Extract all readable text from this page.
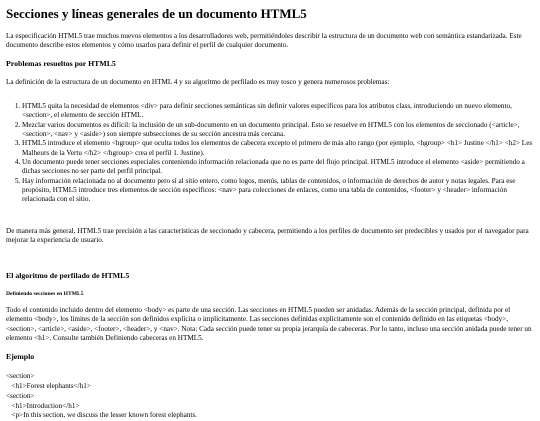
Secciones y líneas generales de un documento HTML5

La especificación HTML5 trae muchos nuevos elementos a los desarrolladores web, permitiéndoles describir la estructura de un documento web con semántica estandarizada. Este documento describe estos elementos y cómo usarlos para definir el perfil de cualquier documento.

Problemas resueltos por HTML5

La definición de la estructura de un documento en HTML 4 y su algoritmo de perfilado es muy tosco y genera numerosos problemas:

1. HTML5 quita la necesidad de elementos <div> para definir secciones semánticas sin definir valores específicos para los atributos class, introduciendo un nuevo elemento, <section>, el elemento de sección HTML.
2. Mezclar varios documentos es difícil: la inclusión de un sub-documento en un documento principal. Esto se resuelve en HTML5 con los elementos de seccionado (<article>, <section>, <nav> y <aside>) son siempre subsecciones de su sección ancestra más cercana.
3. HTML5 introduce el elemento <hgroup> que oculta todos los elementos de cabecera excepto el primero de más alto rango (por ejemplo, <hgroup> <h1> Justine </h1> <h2> Les Malheurs de la Vertu </h2> </hgroup> crea el perfil 1. Justine).
4. Un documento puede tener secciones especiales conteniendo información relacionada que no es parte del flujo principal. HTML5 introduce el elemento <aside> permitiendo a dichas secciones no ser parte del perfil principal.
5. Hay información relacionada no al documento pero sí al sitio entero, como logos, menús, tablas de contenidos, o información de derechos de autor y notas legales. Para ese propósito, HTML5 introduce tres elementos de sección específicos: <nav> para colecciones de enlaces, como una tabla de contenidos, <footer> y <header> información relacionada con el sitio.

De manera más general, HTML5 trae precisión a las características de seccionado y cabecera, permitiendo a los perfiles de documento ser predecibles y usados por el navegador para mejorar la experiencia de usuario.

El algoritmo de perfilado de HTML5
Definiendo secciones en HTML5

Todo el contenido incluido dentro del elemento <body> es parte de una sección. Las secciones en HTML5 pueden ser anidadas. Además de la sección principal, definida por el elemento <body>, los límites de la sección son definidos explícita o implícitamente. Las secciones definidas explícitamente son el contenido definido en las etiquetas <body>, <section>, <article>, <aside>, <footer>, <header>, y <nav>. Nota: Cada sección puede tener su propia jerarquía de cabeceras. Por lo tanto, incluso una sección anidada puede tener un elemento <h1>. Consulte también Definiendo cabeceras en HTML5.

Ejemplo
<section>
<h1>Forest elephants</h1>
<section>
<h1>Introduction</h1>
<p>In this section, we discuss the lesser known forest elephants.
